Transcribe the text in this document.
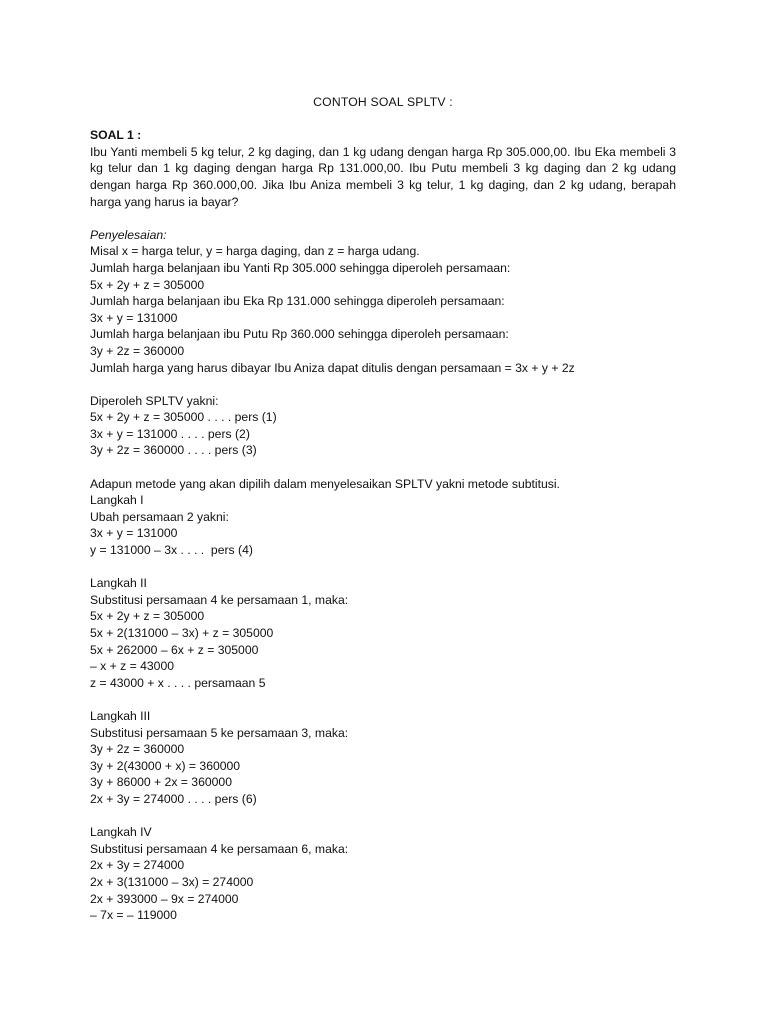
CONTOH SOAL SPLTV :
SOAL 1 :

Ibu Yanti membeli 5 kg telur, 2 kg daging, dan 1 kg udang dengan harga Rp 305.000,00. Ibu Eka membeli 3 kg telur dan 1 kg daging dengan harga Rp 131.000,00. Ibu Putu membeli 3 kg daging dan 2 kg udang dengan harga Rp 360.000,00. Jika Ibu Aniza membeli 3 kg telur, 1 kg daging, dan 2 kg udang, berapah harga yang harus ia bayar?

Penyelesaian:
Misal x = harga telur, y = harga daging, dan z = harga udang.
Jumlah harga belanjaan ibu Yanti Rp 305.000 sehingga diperoleh persamaan:
5x + 2y + z = 305000
Jumlah harga belanjaan ibu Eka Rp 131.000 sehingga diperoleh persamaan:
3x + y = 131000
Jumlah harga belanjaan ibu Putu Rp 360.000 sehingga diperoleh persamaan:
3y + 2z = 360000
Jumlah harga yang harus dibayar Ibu Aniza dapat ditulis dengan persamaan = 3x + y + 2z
Diperoleh SPLTV yakni:
5x + 2y + z = 305000 . . . . pers (1)
3x + y = 131000 . . . . pers (2)
3y + 2z = 360000 . . . . pers (3)
Adapun metode yang akan dipilih dalam menyelesaikan SPLTV yakni metode subtitusi.
Langkah I
Ubah persamaan 2 yakni:
3x + y = 131000
y = 131000 – 3x . . . .  pers (4)
Langkah II
Substitusi persamaan 4 ke persamaan 1, maka:
5x + 2y + z = 305000
5x + 2(131000 – 3x) + z = 305000
5x + 262000 – 6x + z = 305000
– x + z = 43000
z = 43000 + x . . . . persamaan 5
Langkah III
Substitusi persamaan 5 ke persamaan 3, maka:
3y + 2z = 360000
3y + 2(43000 + x) = 360000
3y + 86000 + 2x = 360000
2x + 3y = 274000 . . . . pers (6)
Langkah IV
Substitusi persamaan 4 ke persamaan 6, maka:
2x + 3y = 274000
2x + 3(131000 – 3x) = 274000
2x + 393000 – 9x = 274000
– 7x = – 119000
